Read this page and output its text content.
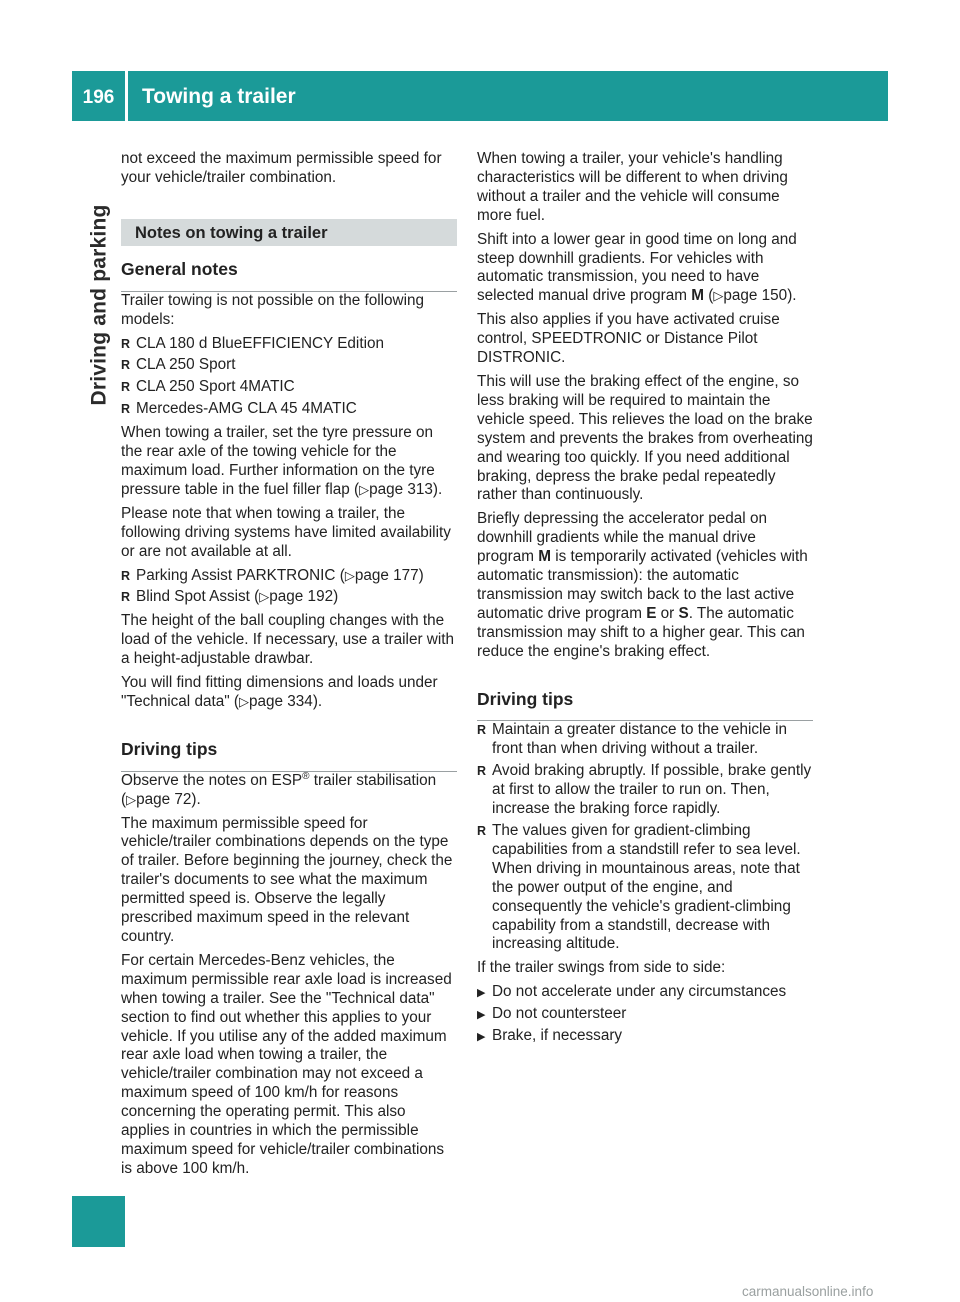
196	Towing a trailer
Driving and parking

not exceed the maximum permissible speed for your vehicle/trailer combination.

Notes on towing a trailer
General notes

Trailer towing is not possible on the following models:

R CLA 180 d BlueEFFICIENCY Edition
R CLA 250 Sport
R CLA 250 Sport 4MATIC
R Mercedes-AMG CLA 45 4MATIC

When towing a trailer, set the tyre pressure on the rear axle of the towing vehicle for the maximum load. Further information on the tyre pressure table in the fuel filler flap (▷page 313).

Please note that when towing a trailer, the following driving systems have limited availability or are not available at all.

R Parking Assist PARKTRONIC (▷page 177)
R Blind Spot Assist (▷page 192)

The height of the ball coupling changes with the load of the vehicle. If necessary, use a trailer with a height-adjustable drawbar.

You will find fitting dimensions and loads under "Technical data" (▷page 334).

Driving tips

Observe the notes on ESP® trailer stabilisation (▷page 72).

The maximum permissible speed for vehicle/trailer combinations depends on the type of trailer. Before beginning the journey, check the trailer's documents to see what the maximum permitted speed is. Observe the legally prescribed maximum speed in the relevant country.

For certain Mercedes-Benz vehicles, the maximum permissible rear axle load is increased when towing a trailer. See the "Technical data" section to find out whether this applies to your vehicle. If you utilise any of the added maximum rear axle load when towing a trailer, the vehicle/trailer combination may not exceed a maximum speed of 100 km/h for reasons concerning the operating permit. This also applies in countries in which the permissible maximum speed for vehicle/trailer combinations is above 100 km/h.

When towing a trailer, your vehicle's handling characteristics will be different to when driving without a trailer and the vehicle will consume more fuel.

Shift into a lower gear in good time on long and steep downhill gradients. For vehicles with automatic transmission, you need to have selected manual drive program M (▷page 150).

This also applies if you have activated cruise control, SPEEDTRONIC or Distance Pilot DISTRONIC.

This will use the braking effect of the engine, so less braking will be required to maintain the vehicle speed. This relieves the load on the brake system and prevents the brakes from overheating and wearing too quickly. If you need additional braking, depress the brake pedal repeatedly rather than continuously.

Briefly depressing the accelerator pedal on downhill gradients while the manual drive program M is temporarily activated (vehicles with automatic transmission): the automatic transmission may switch back to the last active automatic drive program E or S. The automatic transmission may shift to a higher gear. This can reduce the engine's braking effect.

Driving tips
R Maintain a greater distance to the vehicle in front than when driving without a trailer.
R Avoid braking abruptly. If possible, brake gently at first to allow the trailer to run on. Then, increase the braking force rapidly.
R The values given for gradient-climbing capabilities from a standstill refer to sea level. When driving in mountainous areas, note that the power output of the engine, and consequently the vehicle's gradient-climbing capability from a standstill, decrease with increasing altitude.

If the trailer swings from side to side:

▶ Do not accelerate under any circumstances
▶ Do not countersteer
▶ Brake, if necessary
carmanualsonline.info
